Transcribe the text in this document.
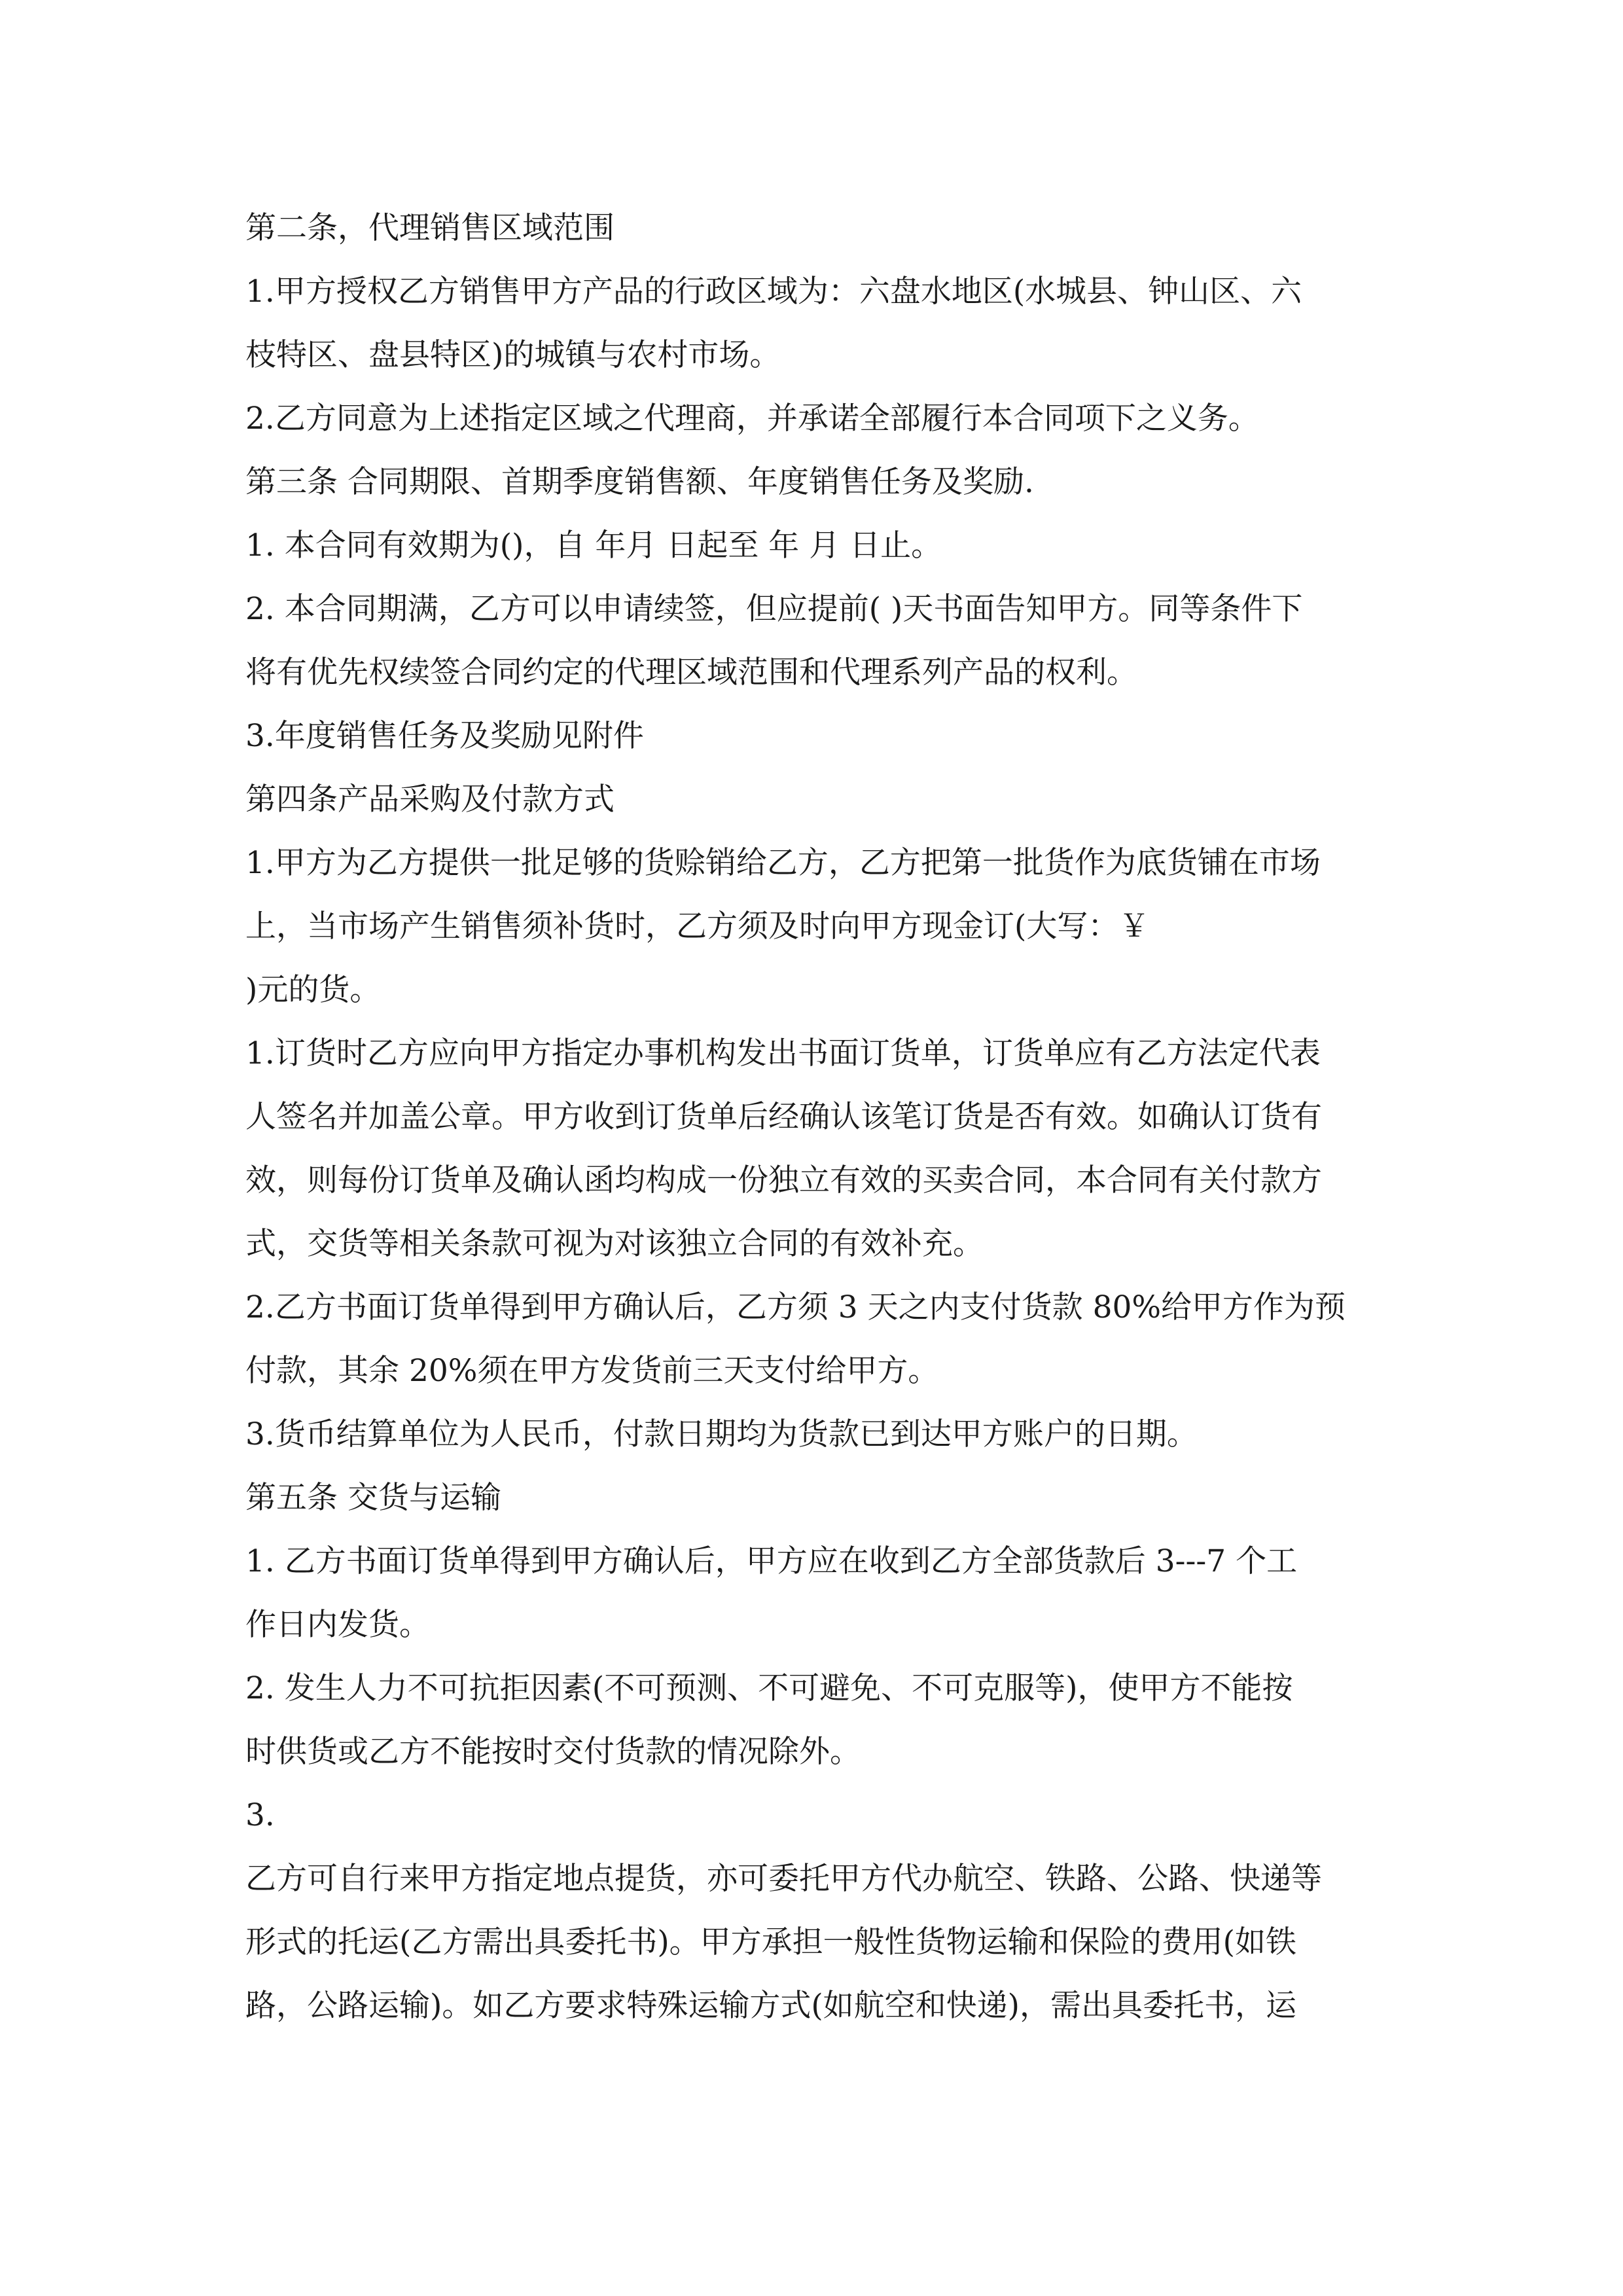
第二条，代理销售区域范围

1.甲方授权乙方销售甲方产品的行政区域为：六盘水地区(水城县、钟山区、六

枝特区、盘县特区)的城镇与农村市场。

2.乙方同意为上述指定区域之代理商，并承诺全部履行本合同项下之义务。

第三条 合同期限、首期季度销售额、年度销售任务及奖励.

1. 本合同有效期为()，自 年月 日起至 年 月 日止。

2. 本合同期满，乙方可以申请续签，但应提前( )天书面告知甲方。同等条件下

将有优先权续签合同约定的代理区域范围和代理系列产品的权利。

3.年度销售任务及奖励见附件

第四条产品采购及付款方式

1.甲方为乙方提供一批足够的货赊销给乙方，乙方把第一批货作为底货铺在市场

上，当市场产生销售须补货时，乙方须及时向甲方现金订(大写：￥

)元的货。

1.订货时乙方应向甲方指定办事机构发出书面订货单，订货单应有乙方法定代表

人签名并加盖公章。甲方收到订货单后经确认该笔订货是否有效。如确认订货有

效，则每份订货单及确认函均构成一份独立有效的买卖合同，本合同有关付款方

式，交货等相关条款可视为对该独立合同的有效补充。

2.乙方书面订货单得到甲方确认后，乙方须 3 天之内支付货款 80%给甲方作为预

付款，其余 20%须在甲方发货前三天支付给甲方。

3.货币结算单位为人民币，付款日期均为货款已到达甲方账户的日期。

第五条 交货与运输

1. 乙方书面订货单得到甲方确认后，甲方应在收到乙方全部货款后 3---7 个工

作日内发货。

2. 发生人力不可抗拒因素(不可预测、不可避免、不可克服等)，使甲方不能按

时供货或乙方不能按时交付货款的情况除外。

3.

乙方可自行来甲方指定地点提货，亦可委托甲方代办航空、铁路、公路、快递等

形式的托运(乙方需出具委托书)。甲方承担一般性货物运输和保险的费用(如铁

路，公路运输)。如乙方要求特殊运输方式(如航空和快递)，需出具委托书，运
